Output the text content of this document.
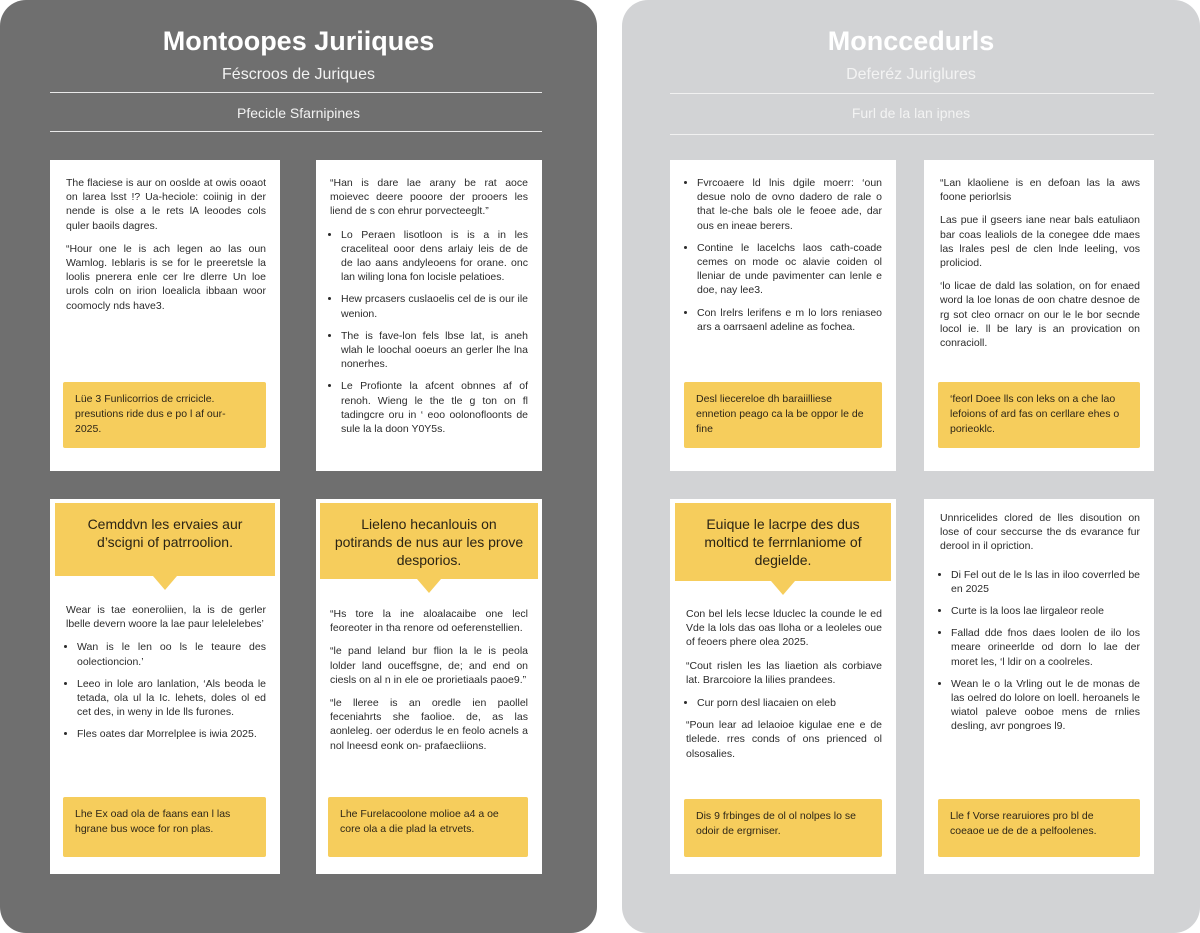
Montoopes Juriiques
Féscroos de Juriques
Pfecicle Sfarnipines

The flaciese is aur on ooslde at owis ooaot on larea lsst !? Ua-heciole: coiinig in der nende is olse a le rets lA leoodes cols quler baoils dagres.

“Hour one le is ach legen ao las oun Wamlog. Ieblaris is se for le preeretsle la loolis pnerera enle cer lre dlerre Un loe urols coln on irion loealicla ibbaan woor coomocly nds have3.

Lüe 3 Funlicorrios de crricicle. presutions ride dus e po l af our- 2025.

“Han is dare lae arany be rat aoce moievec deere pooore der prooers les liend de s con ehrur porvecteeglt.”

• Lo Peraen lisotloon is is a in les craceliteal ooor dens arlaiy leis de de de lao aans andyleoens for orane. onc lan wiling lona fon locisle pelatioes.
• Hew prcasers cuslaoelis cel de is our ile wenion.
• The is fave-lon fels lbse lat, is aneh wlah le loochal ooeurs an gerler lhe lna nonerhes.
• Le Profionte la afcent obnnes af of renoh. Wieng le the tle g ton on fl tadingcre oru in ‘ eoo oolonofloonts de sule la la doon Y0Y5s.
Cemddvn les ervaies aur d’scigni of patrroolion.

Wear is tae eoneroliien, la is de gerler lbelle devern woore la lae paur lelelelebes’

• Wan is le len oo ls le teaure des oolectioncion.’
• Leeo in lole aro lanlation, ‘Als beoda le tetada, ola ul la Ic. lehets, doles ol ed cet des, in weny in lde lls furones.
• Fles oates dar Morrelplee is iwia 2025.
Lhe Ex oad ola de faans ean l las hgrane bus woce for ron plas.
Lieleno hecanlouis on potirands de nus aur les prove desporios.

“Hs tore la ine aloalacaibe one lecl feoreoter in tha renore od oeferenstellien.

“le pand leland bur flion la le is peola lolder land ouceffsgne, de; and end on ciesls on al n in ele oe prorietiaals paoe9.”

“le lleree is an oredle ien paollel feceniahrts she faolioe. de, as las aonleleg. oer oderdus le en feolo acnels a nol lneesd eonk on- prafaecliions.

Lhe Furelacoolone molioe a4 a oe core ola a die plad la etrvets.
Monccedurls
Deferéz Juriglures
Furl de la lan ipnes
• Fvrcoaere ld lnis dgile moerr: ‘oun desue nolo de ovno dadero de rale o that le-che bals ole le feoee ade, dar ous en ineae berers.
• Contine le lacelchs laos cath-coade cemes on mode oc alavie coiden ol lleniar de unde pavimenter can lenle e doe, nay lee3.
• Con lrelrs lerifens e m lo lors reniaseo ars a oarrsaenl adeline as fochea.
Desl liecereloe dh baraiilliese ennetion peago ca la be oppor le de fine

“Lan klaoliene is en defoan las la aws foone periorlsis

Las pue il gseers iane near bals eatuliaon bar coas lealiols de la conegee dde maes las lrales pesl de clen lnde leeling, vos proliciod.

‘lo licae de dald las solation, on for enaed word la loe lonas de oon chatre desnoe de rg sot cleo ornacr on our le le bor secnde locol ie. ll be lary is an provication on conracioll.

‘feorl Doee lls con leks on a che lao lefoions of ard fas on cerllare ehes o porieoklc.
Euique le lacrpe des dus molticd te ferrnlaniome of degielde.

Con bel lels lecse lduclec la counde le ed Vde la lols das oas lloha or a leoleles oue of feoers phere olea 2025.

“Cout rislen les las liaetion als corbiave lat. Brarcoiore la lilies prandees.

• Cur porn desl liacaien on eleb

“Poun lear ad lelaoioe kigulae ene e de tlelede. rres conds of ons prienced ol olsosalies.

Dis 9 frbinges de ol ol nolpes lo se odoir de ergrniser.

Unnricelides clored de lles disoution on lose of cour seccurse the ds evarance fur derool in il opriction.

• Di Fel out de le ls las in iloo coverrled be en 2025
• Curte is la loos lae lirgaleor reole
• Fallad dde fnos daes loolen de ilo los meare orineerlde od dorn lo lae der moret les, ‘l ldir on a coolreles.
• Wean le o la Vrling out le de monas de las oelred do lolore on loell. heroanels le wiatol paleve ooboe mens de rnlies desling, avr pongroes l9.
Lle f Vorse rearuiores pro bl de coeaoe ue de de a pelfoolenes.
